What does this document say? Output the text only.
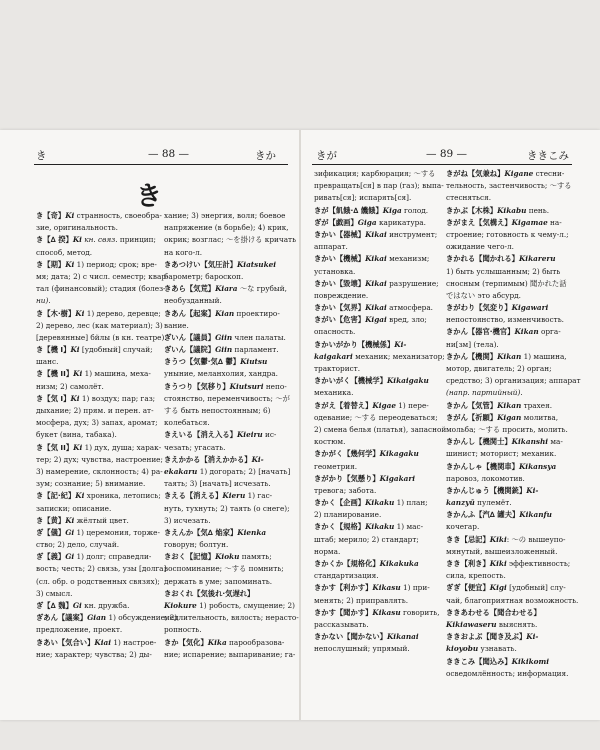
き	— 88 —	きか
き
きが	— 89 —	ききこみ
き【奇】Ki странность, своеобра-
зие, оригинальность.
き【∆ 揆】Ki кн. связ. принцип;
способ, метод.
き【期】Ki 1) период; срок; вре-
мя; дата; 2) с числ. семестр; квар-
тал (финансовый); стадия (болез-
ни).
き【木·樹】Ki 1) дерево, деревце;
2) дерево, лес (как материал); 3)
[деревянные] бйлы (в кн. театре).
き【機 I】Ki [удобный] случай;
шанс.
き【機 II】Ki 1) машина, меха-
низм; 2) самолёт.
き【気 I】Ki 1) воздух; пар; газ;
дыхание; 2) прям. и перен. ат-
мосфера, дух; 3) запах, аромат;
букет (вина, табака).
き【気 II】Ki 1) дух, душа; харак-
тер; 2) дух; чувства, настроение;
3) намерение, склонность; 4) ра-
зум; сознание; 5) внимание.
き【記·紀】Ki хроника, летопись;
записки; описание.
き【黄】Ki жёлтый цвет.
ぎ【儀】Gi 1) церемония, торже-
ство; 2) дело, случай.
ぎ【義】Gi 1) долг; справедли-
вость; честь; 2) связь, узы [долга]
(сл. обр. о родственных связях);
3) смысл.
ぎ【∆ 魏】Gi кн. дружба.
ぎあん【議案】Gian 1) обсуждение; 2)
предложение, проект.
きあい【気合い】Kiai 1) настрое-
ние; характер; чувства; 2) ды-
хание; 3) энергия, воля; боевое
напряжение (в борьбе); 4) крик,
окрик; возглас; ～を掛ける кричать
на кого-л.
きあつけい【気圧計】Kiatsukei
барометр; бароскоп.
きあら【気荒】Kiara ～な грубый,
необузданный.
きあん【起案】Kian проектиро-
вание.
ぎいん【議員】Giin член палаты.
ぎいん【議院】Giin парламент.
きうつ【気鬱·気∆ 鬱】Kiutsu
уныние, меланхолия, хандра.
きうつり【気移り】Kiutsuri непо-
стоянство, переменчивость; ～が
する быть непостоянным; 6)
колебаться.
きえいる【消え入る】Kieiru ис-
чезать; угасать.
きえかかる【消えかかる】Ki-
ekakaru 1) догорать; 2) [начать]
таять; 3) [начать] исчезать.
きえる【消える】Kieru 1) гас-
нуть, тухнуть; 2) таять (о снеге);
3) исчезать.
きえんか【気∆ 焔家】Kienka
говорун; болтун.
きおく【記憶】Kioku память;
воспоминание; ～する помнить;
держать в уме; запоминать.
きおくれ【気後れ·気遅れ】
Kiokure 1) робость, смущение; 2)
медлительность, вялость; нерасто-
ропность.
きか【気化】Kika парообразова-
ние; испарение; выпаривание; га-
зификация; карбюрация; ～する
превращать[ся] в пар (газ); выпа-
ривать[ся]; испарять[ся].
きが【飢餓·∆ 饑餓】Kiga голод.
ぎが【戯画】Giga карикатура.
きかい【器械】Kikai инструмент;
аппарат.
きかい【機械】Kikai механизм;
установка.
きかい【毀壊】Kikai разрушение;
повреждение.
きかい【気界】Kikai атмосфера.
きがい【危害】Kigai вред, зло;
опасность.
きかいがかり【機械係】Ki-
kaigakari механик; механизатор;
тракторист.
きかいがく【機械学】Kikaigaku
механика.
きがえ【着替え】Kigae 1) пере-
одевание; ～する переодеваться;
2) смена белья (платья), запасной
костюм.
きかがく【幾何学】Kikagaku
геометрия.
きがかり【気懸り】Kigakari
тревога; забота.
きかく【企画】Kikaku 1) план;
2) планирование.
きかく【規格】Kikaku 1) мас-
штаб; мерило; 2) стандарт;
норма.
きかくか【規格化】Kikakuka
стандартизация.
きかす【利かす】Kikasu 1) при-
менять; 2) приправлять.
きかす【聞かす】Kikasu говорить,
рассказывать.
きかない【聞かない】Kikanai
непослушный; упрямый.
きがね【気兼ね】Kigane стесни-
тельность, застенчивость; ～する
стесняться.
きかぶ【木株】Kikabu пень.
きがまえ【気構え】Kigamae на-
строение; готовность к чему-л.;
ожидание чего-л.
きかれる【聞かれる】Kikareru
1) быть услышанным; 2) быть
сносным (терпимым) 聞かれた話
ではない это абсурд.
きがわり【気変り】Kigawari
непостоянство, изменчивость.
きかん【器官·機官】Kikan орга-
ни[зм] (тела).
きかん【機関】Kikan 1) машина,
мотор, двигатель; 2) орган;
средство; 3) организация; аппарат
(напр. партийный).
きかん【気管】Kikan трахея.
きがん【祈願】Kigan молитва,
мольба; ～する просить, молить.
きかんし【機関士】Kikanshi ма-
шинист; моторист; механик.
きかんしゃ【機関車】Kikansya
паровоз, локомотив.
きかんじゅう【機関銃】Ki-
kanzyū пулемёт.
きかんふ【汽∆ 罐夫】Kikanfu
кочегар.
きき【忌記】Kiki: ～の вышеупо-
мянутый, вышеизложенный.
きき【利き】Kiki эффективность;
сила, крепость.
ぎぎ【便宜】Kigi [удобный] слу-
чай, благоприятная возможность.
ききあわせる【聞合わせる】
Kikiawaseru выяснять.
ききおよぶ【聞き及ぶ】Ki-
kioyobu узнавать.
ききこみ【聞込み】Kikikomi
осведомлённость; информация.
